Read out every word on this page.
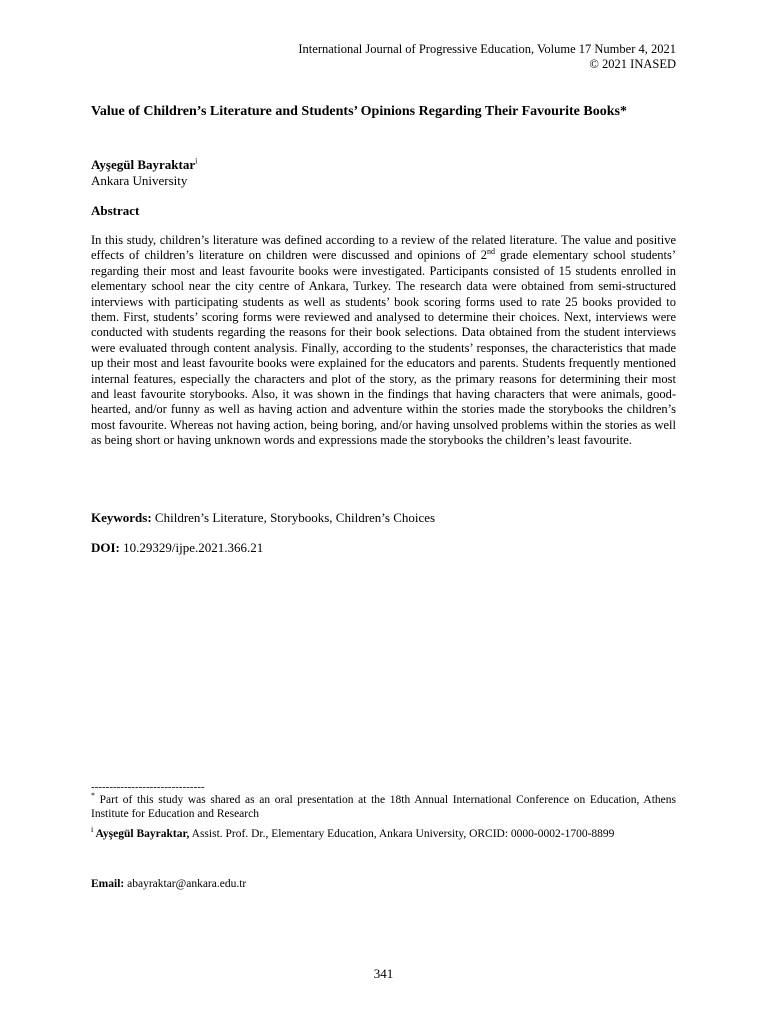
International Journal of Progressive Education, Volume 17 Number 4, 2021
© 2021 INASED
Value of Children’s Literature and Students’ Opinions Regarding Their Favourite Books*
Ayşegül Bayraktar$^i$
Ankara University
Abstract
In this study, children’s literature was defined according to a review of the related literature. The value and positive effects of children’s literature on children were discussed and opinions of 2nd grade elementary school students’ regarding their most and least favourite books were investigated. Participants consisted of 15 students enrolled in elementary school near the city centre of Ankara, Turkey. The research data were obtained from semi-structured interviews with participating students as well as students’ book scoring forms used to rate 25 books provided to them. First, students’ scoring forms were reviewed and analysed to determine their choices. Next, interviews were conducted with students regarding the reasons for their book selections. Data obtained from the student interviews were evaluated through content analysis. Finally, according to the students’ responses, the characteristics that made up their most and least favourite books were explained for the educators and parents. Students frequently mentioned internal features, especially the characters and plot of the story, as the primary reasons for determining their most and least favourite storybooks. Also, it was shown in the findings that having characters that were animals, good-hearted, and/or funny as well as having action and adventure within the stories made the storybooks the children’s most favourite. Whereas not having action, being boring, and/or having unsolved problems within the stories as well as being short or having unknown words and expressions made the storybooks the children’s least favourite.
Keywords: Children’s Literature, Storybooks, Children’s Choices
DOI: 10.29329/ijpe.2021.366.21
-------------------------------
* Part of this study was shared as an oral presentation at the 18th Annual International Conference on Education, Athens Institute for Education and Research
$^i$ Ayşegül Bayraktar, Assist. Prof. Dr., Elementary Education, Ankara University, ORCID: 0000-0002-1700-8899
Email: abayraktar@ankara.edu.tr
341
